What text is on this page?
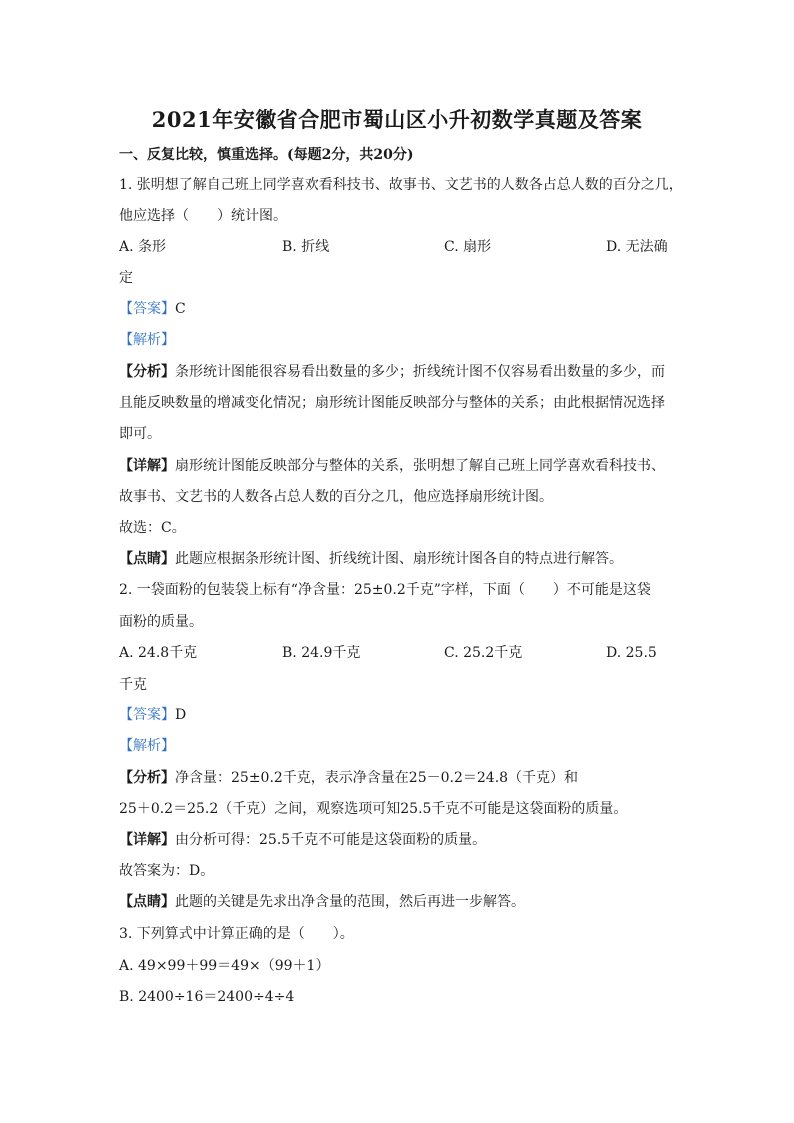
2021年安徽省合肥市蜀山区小升初数学真题及答案
一、反复比较，慎重选择。(每题2分，共20分)
1. 张明想了解自己班上同学喜欢看科技书、故事书、文艺书的人数各占总人数的百分之几，
他应选择（　　）统计图。
A. 条形	B. 折线	C. 扇形	D. 无法确
定
【答案】C
【解析】
【分析】条形统计图能很容易看出数量的多少；折线统计图不仅容易看出数量的多少，而
且能反映数量的增减变化情况；扇形统计图能反映部分与整体的关系；由此根据情况选择
即可。
【详解】扇形统计图能反映部分与整体的关系，张明想了解自己班上同学喜欢看科技书、
故事书、文艺书的人数各占总人数的百分之几，他应选择扇形统计图。
故选：C。
【点睛】此题应根据条形统计图、折线统计图、扇形统计图各自的特点进行解答。
2. 一袋面粉的包装袋上标有“净含量：25±0.2千克”字样，下面（　　）不可能是这袋
面粉的质量。
A. 24.8千克	B. 24.9千克	C. 25.2千克	D. 25.5
千克
【答案】D
【解析】
【分析】净含量：25±0.2千克，表示净含量在25－0.2＝24.8（千克）和
25＋0.2＝25.2（千克）之间，观察选项可知25.5千克不可能是这袋面粉的质量。
【详解】由分析可得：25.5千克不可能是这袋面粉的质量。
故答案为：D。
【点睛】此题的关键是先求出净含量的范围，然后再进一步解答。
3. 下列算式中计算正确的是（　　）。
A. 49×99＋99＝49×（99＋1）
B. 2400÷16＝2400÷4÷4
